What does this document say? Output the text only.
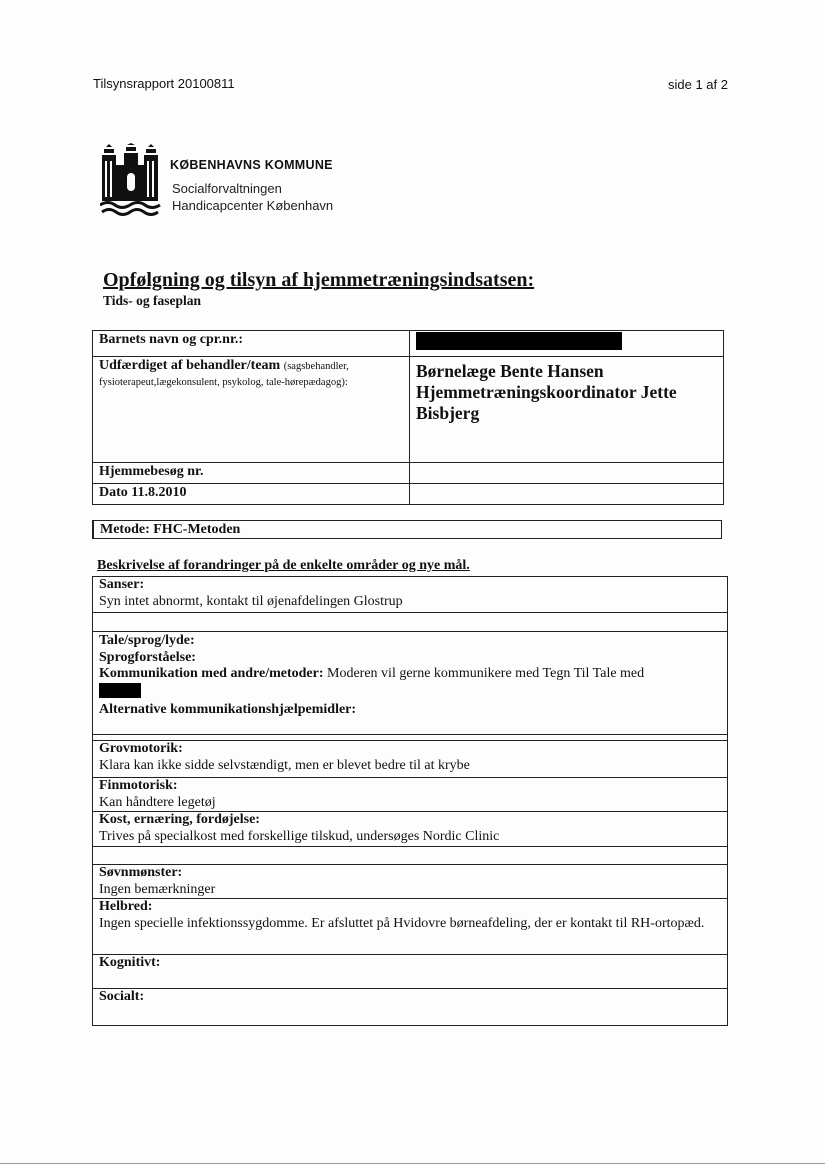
Tilsynsrapport 20100811	side 1 af 2
KØBENHAVNS KOMMUNE
Socialforvaltningen
Handicapcenter København
Opfølgning og tilsyn af hjemmetræningsindsatsen:
Tids- og faseplan
Barnets navn og cpr.nr.:	
Udfærdiget af behandler/team (sagsbehandler, fysioterapeut,lægekonsulent, psykolog, tale-hørepædagog):	Børnelæge Bente Hansen
Hjemmetræningskoordinator Jette Bisbjerg

Hjemmebesøg nr.	
Dato 11.8.2010	
Metode: FHC-Metoden
Beskrivelse af forandringer på de enkelte områder og nye mål.
Sanser:
Syn intet abnormt, kontakt til øjenafdelingen Glostrup
Tale/sprog/lyde:
Sprogforståelse:
Kommunikation med andre/metoder: Moderen vil gerne kommunikere med Tegn Til Tale med
Alternative kommunikationshjælpemidler:
Grovmotorik:
Klara kan ikke sidde selvstændigt, men er blevet bedre til at krybe
Finmotorisk:
Kan håndtere legetøj
Kost, ernæring, fordøjelse:
Trives på specialkost med forskellige tilskud, undersøges Nordic Clinic
Søvnmønster:
Ingen bemærkninger
Helbred:
Ingen specielle infektionssygdomme. Er afsluttet på Hvidovre børneafdeling, der er kontakt til RH-ortopæd.
Kognitivt:
Socialt:
